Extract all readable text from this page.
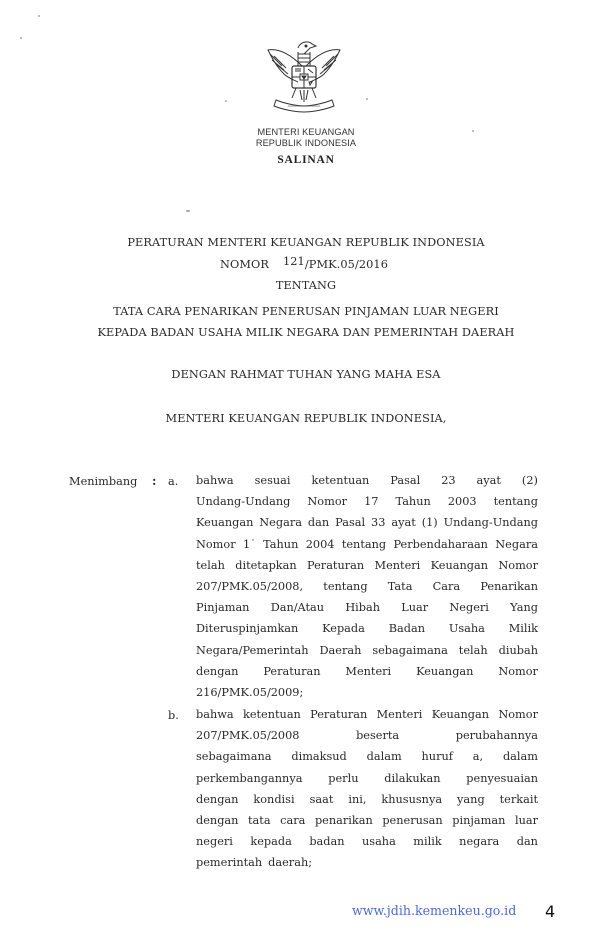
MENTERI KEUANGAN
REPUBLIK INDONESIA
SALINAN
PERATURAN MENTERI KEUANGAN REPUBLIK INDONESIA
NOMOR 121/PMK.05/2016
TENTANG
TATA CARA PENARIKAN PENERUSAN PINJAMAN LUAR NEGERI
KEPADA BADAN USAHA MILIK NEGARA DAN PEMERINTAH DAERAH
DENGAN RAHMAT TUHAN YANG MAHA ESA
MENTERI KEUANGAN REPUBLIK INDONESIA,
Menimbang : a. bahwa sesuai ketentuan Pasal 23 ayat (2)
Undang-Undang Nomor 17 Tahun 2003 tentang
Keuangan Negara dan Pasal 33 ayat (1) Undang-Undang
Nomor 1˙ Tahun 2004 tentang Perbendaharaan Negara
telah ditetapkan Peraturan Menteri Keuangan Nomor
207/PMK.05/2008, tentang Tata Cara Penarikan
Pinjaman Dan/Atau Hibah Luar Negeri Yang
Diteruspinjamkan Kepada Badan Usaha Milik
Negara/Pemerintah Daerah sebagaimana telah diubah
dengan Peraturan Menteri Keuangan Nomor
216/PMK.05/2009;
b. bahwa ketentuan Peraturan Menteri Keuangan Nomor
207/PMK.05/2008	beserta	perubahannya
sebagaimana dimaksud dalam huruf a, dalam
perkembangannya perlu dilakukan penyesuaian
dengan kondisi saat ini, khususnya yang terkait
dengan tata cara penarikan penerusan pinjaman luar
negeri kepada badan usaha milik negara dan
pemerintah daerah;
www.jdih.kemenkeu.go.id 4
